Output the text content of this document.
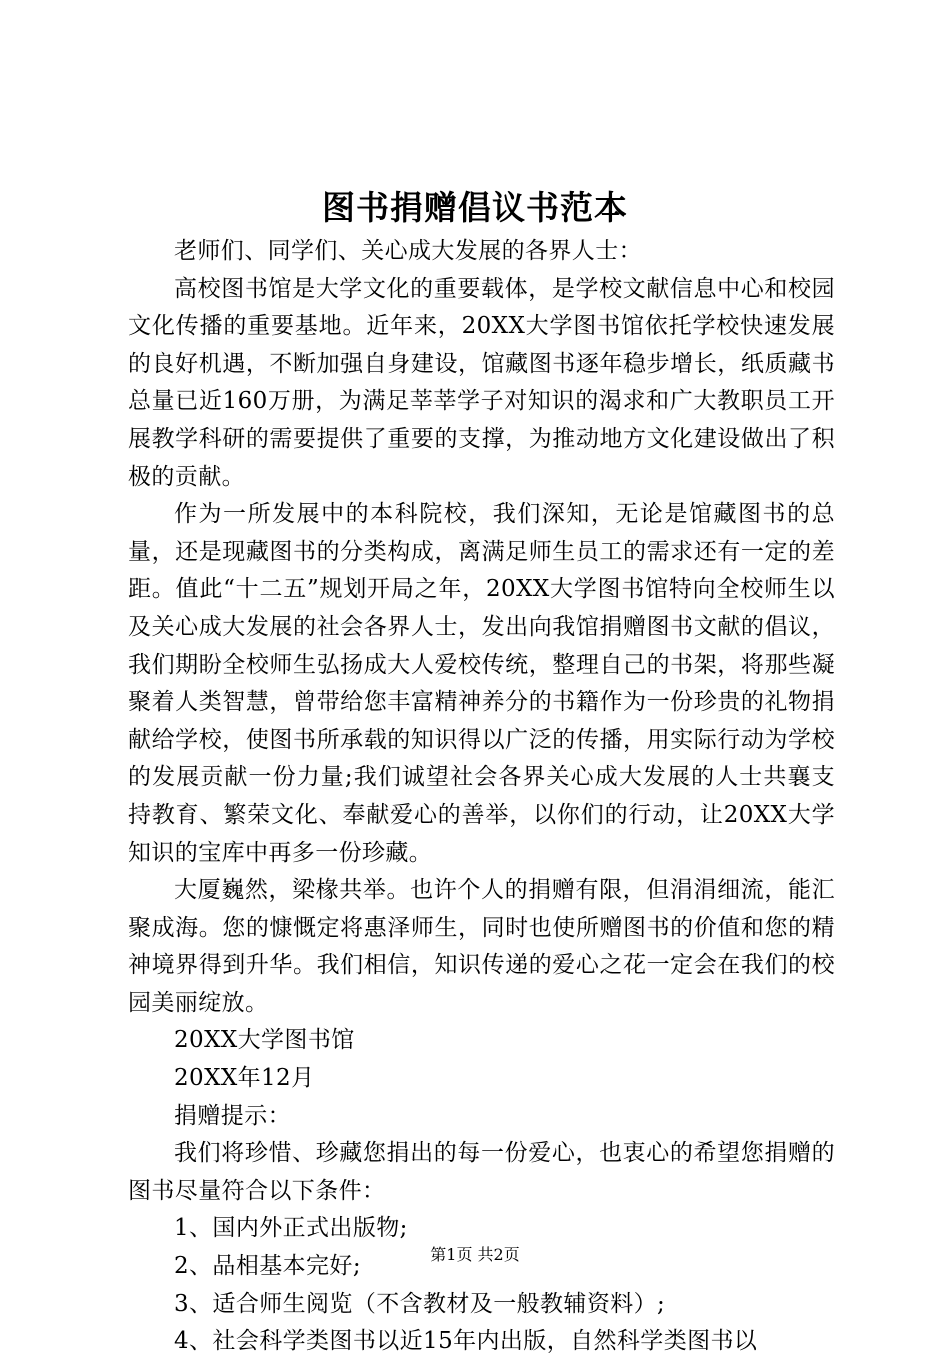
图书捐赠倡议书范本

老师们、同学们、关心成大发展的各界人士：

高校图书馆是大学文化的重要载体，是学校文献信息中心和校园文化传播的重要基地。近年来，20XX大学图书馆依托学校快速发展的良好机遇，不断加强自身建设，馆藏图书逐年稳步增长，纸质藏书总量已近160万册，为满足莘莘学子对知识的渴求和广大教职员工开展教学科研的需要提供了重要的支撑，为推动地方文化建设做出了积极的贡献。

作为一所发展中的本科院校，我们深知，无论是馆藏图书的总量，还是现藏图书的分类构成，离满足师生员工的需求还有一定的差距。值此“十二五”规划开局之年，20XX大学图书馆特向全校师生以及关心成大发展的社会各界人士，发出向我馆捐赠图书文献的倡议，我们期盼全校师生弘扬成大人爱校传统，整理自己的书架，将那些凝聚着人类智慧，曾带给您丰富精神养分的书籍作为一份珍贵的礼物捐献给学校，使图书所承载的知识得以广泛的传播，用实际行动为学校的发展贡献一份力量;我们诚望社会各界关心成大发展的人士共襄支持教育、繁荣文化、奉献爱心的善举，以你们的行动，让20XX大学知识的宝库中再多一份珍藏。

大厦巍然，梁椽共举。也许个人的捐赠有限，但涓涓细流，能汇聚成海。您的慷慨定将惠泽师生，同时也使所赠图书的价值和您的精神境界得到升华。我们相信，知识传递的爱心之花一定会在我们的校园美丽绽放。

20XX大学图书馆

20XX年12月

捐赠提示：

我们将珍惜、珍藏您捐出的每一份爱心，也衷心的希望您捐赠的图书尽量符合以下条件：

1、国内外正式出版物;

2、品相基本完好;

3、适合师生阅览（不含教材及一般教辅资料）;

4、社会科学类图书以近15年内出版，自然科学类图书以

第1页 共2页
